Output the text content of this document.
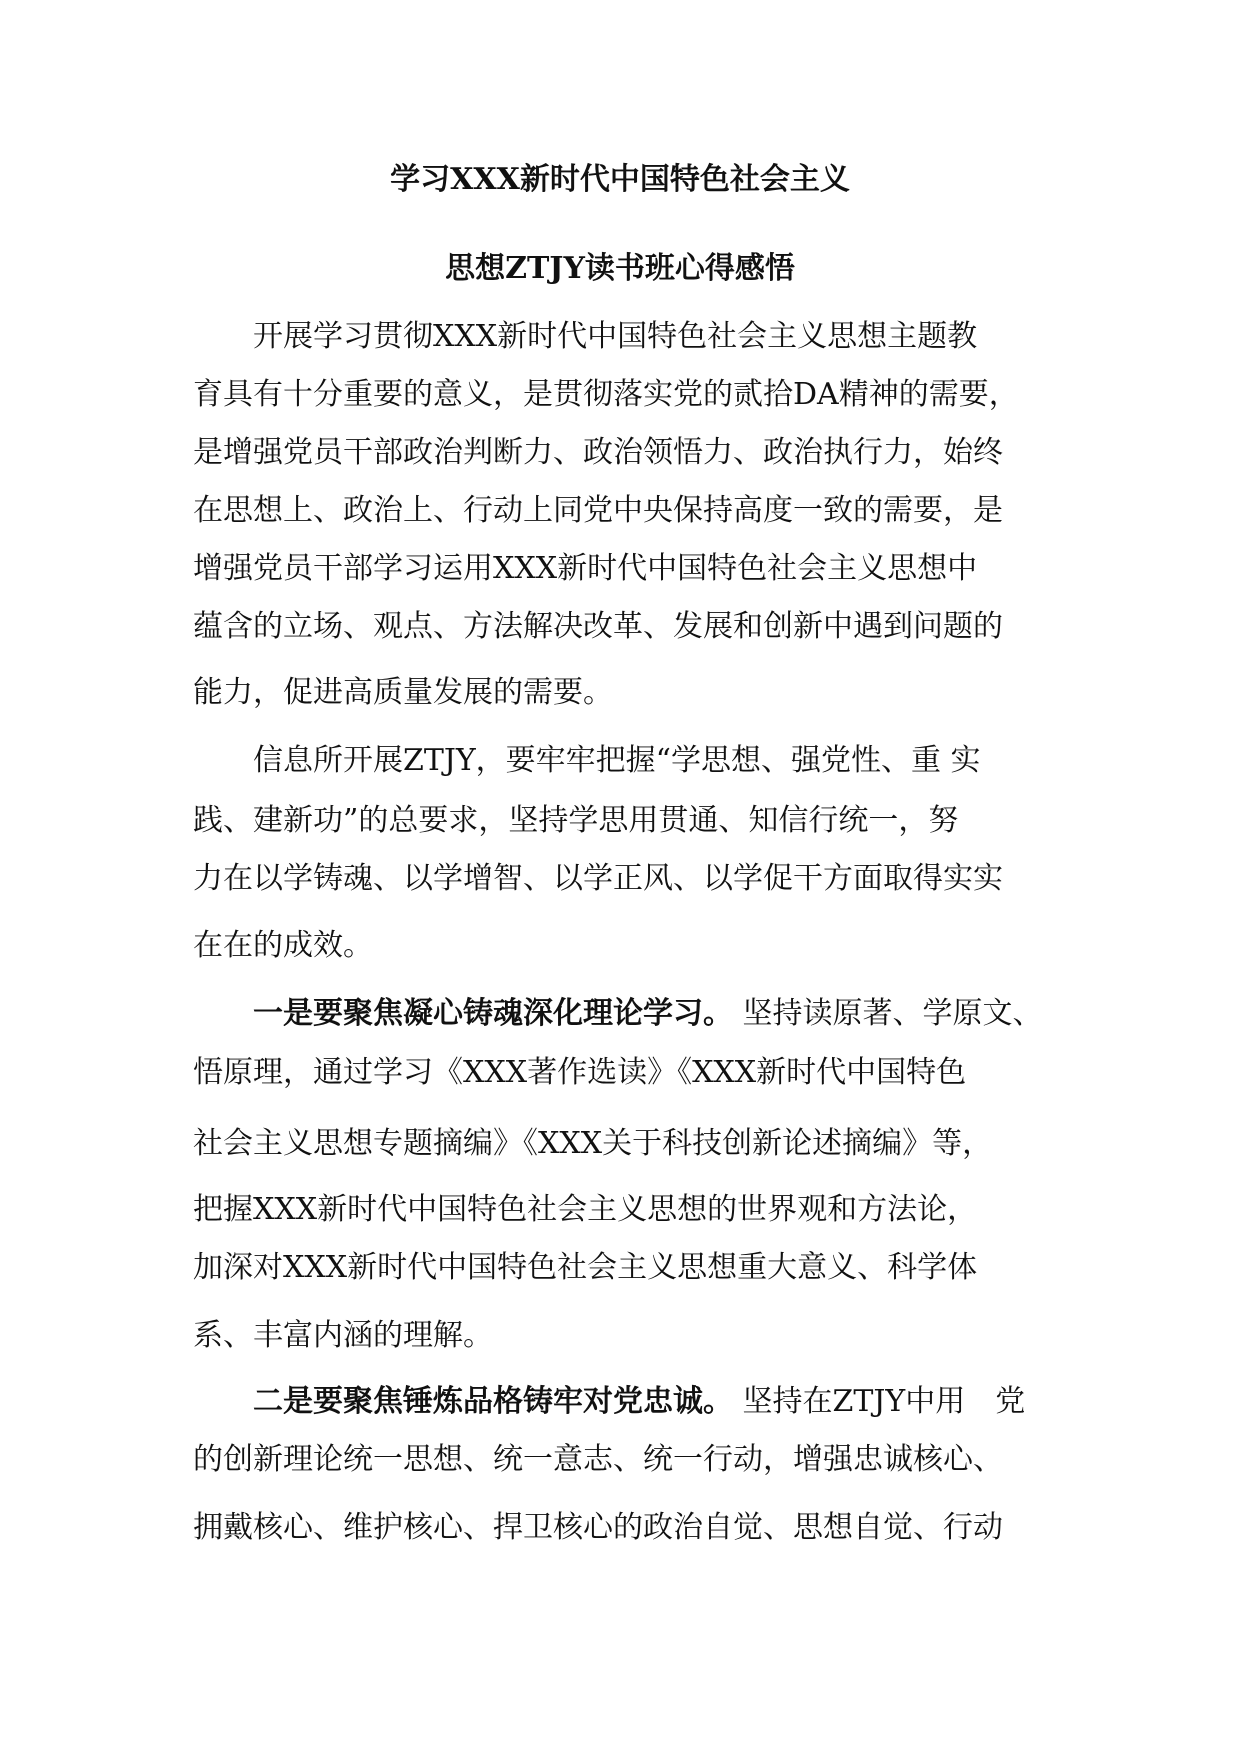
学习XXX新时代中国特色社会主义
思想ZTJY读书班心得感悟
开展学习贯彻XXX新时代中国特色社会主义思想主题教
育具有十分重要的意义，是贯彻落实党的贰拾DA精神的需要，
是增强党员干部政治判断力、政治领悟力、政治执行力，始终
在思想上、政治上、行动上同党中央保持高度一致的需要，是
增强党员干部学习运用XXX新时代中国特色社会主义思想中
蕴含的立场、观点、方法解决改革、发展和创新中遇到问题的
能力，促进高质量发展的需要。
信息所开展ZTJY，要牢牢把握“学思想、强党性、重 实
践、建新功”的总要求，坚持学思用贯通、知信行统一，努
力在以学铸魂、以学增智、以学正风、以学促干方面取得实实
在在的成效。
一是要聚焦凝心铸魂深化理论学习。 坚持读原著、学原文、
悟原理，通过学习《XXX著作选读》《XXX新时代中国特色
社会主义思想专题摘编》《XXX关于科技创新论述摘编》等，
把握XXX新时代中国特色社会主义思想的世界观和方法论，
加深对XXX新时代中国特色社会主义思想重大意义、科学体
系、丰富内涵的理解。
二是要聚焦锤炼品格铸牢对党忠诚。 坚持在ZTJY中用　党
的创新理论统一思想、统一意志、统一行动，增强忠诚核心、
拥戴核心、维护核心、捍卫核心的政治自觉、思想自觉、行动
